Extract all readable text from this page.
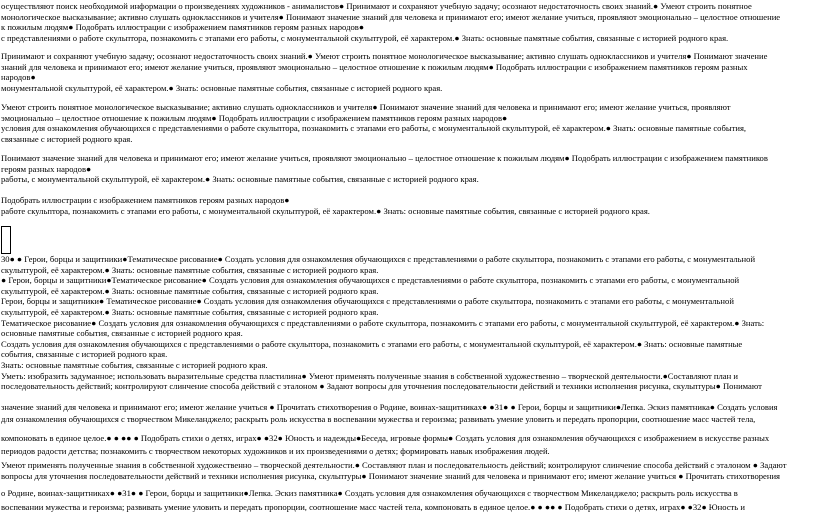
осуществляют поиск необходимой информации о произведениях художников - анималистов● Принимают и сохраняют учебную задачу; осознают недостаточность своих знаний.● Умеют строить понятное
монологическое высказывание; активно слушать одноклассников и учителя● Понимают значение знаний для человека и принимают его; имеют желание учиться, проявляют эмоционально – целостное отношение
к пожилым людям● Подобрать иллюстрации с изображением памятников героям разных народов●
с представлениями о работе скульптора, познакомить с этапами его работы, с монументальной скульптурой, её характером.● Знать: основные памятные события, связанные с историей родного края.
Принимают и сохраняют учебную задачу; осознают недостаточность своих знаний.● Умеют строить понятное монологическое высказывание; активно слушать одноклассников и учителя● Понимают значение
знаний для человека и принимают его; имеют желание учиться, проявляют эмоционально – целостное отношение к пожилым людям● Подобрать иллюстрации с изображением памятников героям разных
народов●
монументальной скульптурой, её характером.● Знать: основные памятные события, связанные с историей родного края.
Умеют строить понятное монологическое высказывание; активно слушать одноклассников и учителя● Понимают значение знаний для человека и принимают его; имеют желание учиться, проявляют
эмоционально – целостное отношение к пожилым людям● Подобрать иллюстрации с изображением памятников героям разных народов●
условия для ознакомления обучающихся с представлениями о работе скульптора, познакомить с этапами его работы, с монументальной скульптурой, её характером.● Знать: основные памятные события,
связанные с историей родного края.
Понимают значение знаний для человека и принимают его; имеют желание учиться, проявляют эмоционально – целостное отношение к пожилым людям● Подобрать иллюстрации с изображением памятников
героям разных народов●
работы, с монументальной скульптурой, её характером.● Знать: основные памятные события, связанные с историей родного края.
Подобрать иллюстрации с изображением памятников героям разных народов●
работе скульптора, познакомить с этапами его работы, с монументальной скульптурой, её характером.● Знать: основные памятные события, связанные с историей родного края.
30● ● Герои, борцы и защитники●Тематическое рисование● Создать условия для ознакомления обучающихся с представлениями о работе скульптора, познакомить с этапами его работы, с монументальной
скульптурой, её характером.● Знать: основные памятные события, связанные с историей родного края.
● Герои, борцы и защитники●Тематическое рисование● Создать условия для ознакомления обучающихся с представлениями о работе скульптора, познакомить с этапами его работы, с монументальной
скульптурой, её характером.● Знать: основные памятные события, связанные с историей родного края.
Герои, борцы и защитники● Тематическое рисование● Создать условия для ознакомления обучающихся с представлениями о работе скульптора, познакомить с этапами его работы, с монументальной
скульптурой, её характером.● Знать: основные памятные события, связанные с историей родного края.
Тематическое рисование● Создать условия для ознакомления обучающихся с представлениями о работе скульптора, познакомить с этапами его работы, с монументальной скульптурой, её характером.● Знать:
основные памятные события, связанные с историей родного края.
Создать условия для ознакомления обучающихся с представлениями о работе скульптора, познакомить с этапами его работы, с монументальной скульптурой, её характером.● Знать: основные памятные
события, связанные с историей родного края.
Знать: основные памятные события, связанные с историей родного края.
Уметь: изобразить задуманное; использовать выразительные средства пластилина● Умеют применять полученные знания в собственной художественно – творческой деятельности.●Составляют план и
последовательность действий; контролируют слинчение способа действий с эталоном ● Задают вопросы для уточнения последовательности действий и техники исполнения рисунка, скульптуры● Понимают
значение знаний для человека и принимают его; имеют желание учиться ● Прочитать стихотворения о Родине, воинах-защитниках● ●31● ● Герои, борцы и защитники●Лепка. Эскиз памятника● Создать условия
для ознакомления обучающихся с творчеством Микеланджело; раскрыть роль искусства в воспевании мужества и героизма; развивать умение уловить и передать пропорции, соотношение масс частей тела,
компоновать в единое целое.● ● ●● ● Подобрать стихи о детях, играх● ●32● Юность и надежды●Беседа, игровые формы● Создать условия для ознакомления обучающихся с изображением в искусстве разных
периодов радости детства; познакомить с творчеством некоторых художников и их произведениями о детях; формировать навык изображения людей.
Умеют применять полученные знания в собственной художественно – творческой деятельности.● Составляют план и последовательность действий; контролируют слинчение способа действий с эталоном ● Задают
вопросы для уточнения последовательности действий и техники исполнения рисунка, скульптуры● Понимают значение знаний для человека и принимают его; имеют желание учиться ● Прочитать стихотворения
о Родине, воинах-защитниках● ●31● ● Герои, борцы и защитники●Лепка. Эскиз памятника● Создать условия для ознакомления обучающихся с творчеством Микеланджело; раскрыть роль искусства в
воспевании мужества и героизма; развивать умение уловить и передать пропорции, соотношение масс частей тела, компоновать в единое целое.● ● ●● ● Подобрать стихи о детях, играх● ●32● Юность и
